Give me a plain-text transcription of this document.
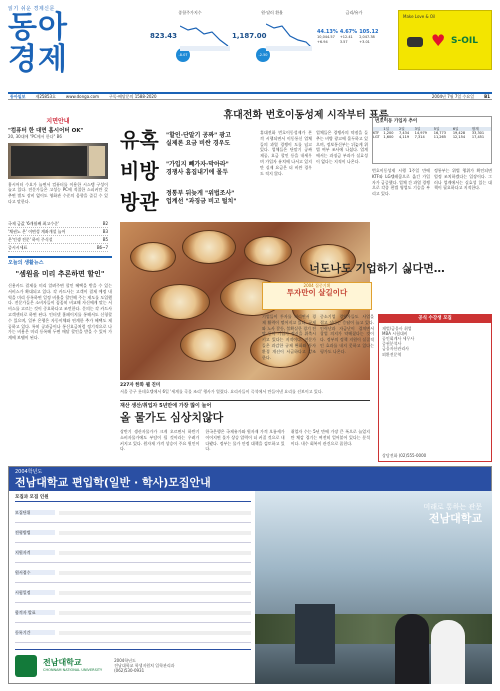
읽기 쉬운 경제신문
동아
경제
종합주가지수
823.43
-8.07
원·달러 환율
1,187.00
-2.50
금리/유가
44.13%	4.67%	105.12
10,044.57	+12.41	2,047.38
+6.94	3.57	+3.01
Make Love & Oil
♥ S-OIL
동아일보	제25853호	www.donga.com	구독·배달문의 1588-2020	2004년 7월 7일 수요일	B1
지면안내
"컴퓨터 한 대면 홈시어터 OK"
20, 30대에 "PC에서 한다" B6
홈시어터 수요가 늘면서 컴퓨터를 이용한 시스템 구성이 늘고 있다. 전문가들은 고성능 PC에 적절한 스피커만 갖추면 별도 장비 없이도 영화관 수준의 음향을 즐길 수 있다고 말한다.
국제 금값 '6개월째 최고수준'	B2
'채권노 온' 이면성 계좌개설 늘어	B3
은'인생 전문' 하이 주식설	B5
증시시세표	B6~7
휴대전화 번호이동성제 시작부터 표류
유혹
비방
방관
"할인·단말기 공짜" 광고
실제론 요금 비싼 경우도
"가입지 빼가자·막아라"
경쟁사 흠집내기에 몰두
정통부 뒤늦게 "위법조사"
업계선 "과징금 비고 털치"
휴대전화 번호이동성제가 본격 시행되면서 이동통신 업체들의 과열 경쟁이 도를 넘고 있다. 업체들은 단말기 공짜 제공, 요금 할인 등을 내세우며 가입자 유치에 나서고 있지만 실제 요금은 더 비싼 경우도 적지 않다.
업체들은 경쟁사의 약점을 들추는 비방 광고에 몰두하고 있으며, 정보통신부는 뒤늦게 위법 여부 조사에 나섰다. 업계에서는 과징금 부과가 실효성이 없다는 지적이 나온다.
번호이동 가입자 추이
	1일	2일	3일	5일	6일	합계
KTF	1,200	7,434	14,979	16,773	19,428	33,301
LGT	1,600	4,119	7,314	11,265	12,154	17,451
번호이동성제 시행 1주일 만에 KTF와 LG텔레콤으로 옮긴 가입자가 급증했다. 업체 간 과열 경쟁으로 각종 편법 영업도 기승을 부리고 있다.
정통부는 위법 행위가 확인되면 엄정 조치하겠다는 입장이다. 그러나 업계에서는 실효성 있는 대책이 필요하다고 지적한다.
오늘의 생활뉴스
"셈원을 미리 추론하면 할인"
신용카드 결제를 미리 알려주면 할인 혜택을 받을 수 있는 서비스가 확대되고 있다. 각 카드사는 고객이 결제 예정 내역을 미리 등록하면 일정 비율을 할인해 주는 제도를 도입했다. 전문가들은 소비자들이 꼼꼼히 비교해 자신에게 맞는 서비스를 고르는 것이 중요하다고 조언한다. 문의는 각 카드사 고객센터로 하면 된다. 인터넷 홈페이지를 통해서도 신청할 수 있으며, 일부 은행은 자동이체와 연계한 추가 혜택도 제공하고 있다. 특히 공과금이나 통신요금처럼 정기적으로 나가는 비용은 미리 등록해 두면 매달 할인을 받을 수 있어 가계에 보탬이 된다.
227자 한화 웰 진미
서울 중구 롯데호텔에서 6일 '세계를 곡물 조리' 행사가 열렸다. 요리사들이 즉석에서 만들어낸 요리를 선보이고 있다.
재산 생산/취업자 5년만에 가장 많이 늘어
올 물가도 심상치않다
상반기 생산자물가가 크게 오르면서 하반기 소비자물가에도 부담이 될 것이라는 우려가 커지고 있다. 원자재 가격 상승이 주요 원인이다.
한국은행은 국제유가와 원자재 가격 오름세가 이어지면 물가 상승 압력이 더 커질 것으로 내다봤다. 정부는 물가 안정 대책을 검토하고 있다.
취업자 수는 5년 만에 가장 큰 폭으로 늘었지만 체감 경기는 여전히 얼어붙어 있다는 분석이다. 내수 회복이 관건으로 꼽힌다.
너도나도 기업하기 싫다면…
2004 집중기획
투자만이 살길이다
기업들이 투자를 꺼리면서 경제 활력이 떨어지고 있다. 규제와 노사 갈등, 불확실한 경기 전망 등이 기업가 정신을 위축시키고 있다는 지적이다. 전문가들은 과감한 규제 완화와 투자 환경 개선이 시급하다고 강조한다.
중소기업 경영자들도 사업을 접고 싶다는 응답이 늘고 있다. 인력난과 자금난이 겹치면서 창업 의지가 약해졌다는 것이다. 정부의 정책 지원이 실질적인 효과를 내지 못하고 있다는 평가도 나온다.
공식 수강생 모집
재벌/금융사 취업
MBA 시험대비
공인회계사 세무사
증권분석사
금융자산관리사
외환전문역
상담전화 (02)555-0000
2004학년도
전남대학교 편입학(일반 · 학사)모집안내
모집과 모집 인원
모집단위
전형방법
지원자격
원서접수
시험일정
합격자 발표
등록기간
전남대학교
CHONNAM NATIONAL UNIVERSITY
2004학년도
전남대학교 학생지원처 입학관리과
(062)530-0931
미래로 통하는 관문
전남대학교
